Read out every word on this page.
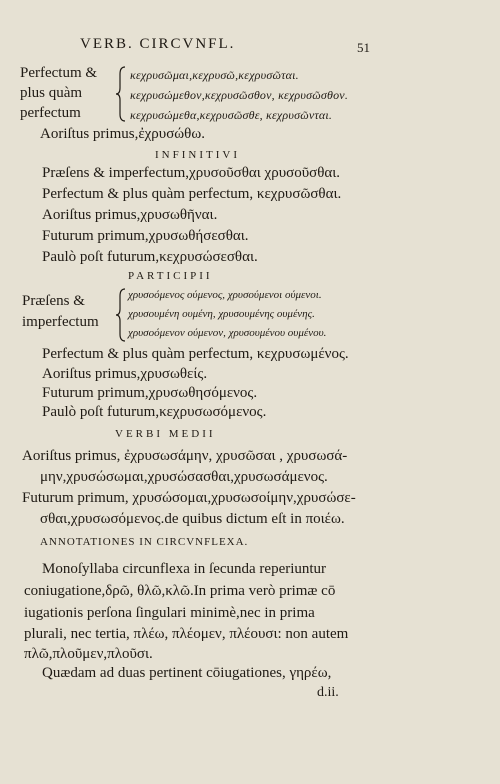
VERB. CIRCVNFL.	51
Perfectum &
plus quàm
perfectum
κεχρυσῶμαι,κεχρυσῶ,κεχρυσῶται.
κεχρυσώμεθον,κεχρυσῶσθον, κεχρυσῶσθον.
κεχρυσώμεθα,κεχρυσῶσθε, κεχρυσῶνται.
Aoriſtus primus,ἐχρυσώθω.
INFINITIVI
Præſens & imperfectum,χρυσοῦσθαι χρυσοῦσθαι.
Perfectum & plus quàm perfectum, κεχρυσῶσθαι.
Aoriſtus primus,χρυσωθῆναι.
Futurum primum,χρυσωθήσεσθαι.
Paulò poſt futurum,κεχρυσώσεσθαι.
PARTICIPII
Præſens &
imperfectum
χρυσοόμενος ούμενος, χρυσούμενοι ούμενοι.
χρυσουμένη ουμένη, χρυσουμένης ουμένης.
χρυσοόμενον ούμενον, χρυσουμένου ουμένου.
Perfectum & plus quàm perfectum, κεχρυσωμένος.
Aoriſtus primus,χρυσωθείς.
Futurum primum,χρυσωθησόμενος.
Paulò poſt futurum,κεχρυσωσόμενος.
VERBI MEDII
Aoriſtus primus, ἐχρυσωσάμην, χρυσῶσαι , χρυσωσά-
μην,χρυσώσωμαι,χρυσώσασθαι,χρυσωσάμενος.
Futurum primum, χρυσώσομαι,χρυσωσοίμην,χρυσώσε-
σθαι,χρυσωσόμενος.de quibus dictum eſt in ποιέω.
ANNOTATIONES IN CIRCVNFLEXA.
Monoſyllaba circunflexa in ſecunda reperiuntur
coniugatione,δρῶ, θλῶ,κλῶ.In prima verò primæ cō
iugationis perſona ſingulari minimè,nec in prima
plurali, nec tertia, πλέω, πλέομεν, πλέουσι: non autem
πλῶ,πλοῦμεν,πλοῦσι.
Quædam ad duas pertinent cōiugationes, γηρέω,
d.ii.
